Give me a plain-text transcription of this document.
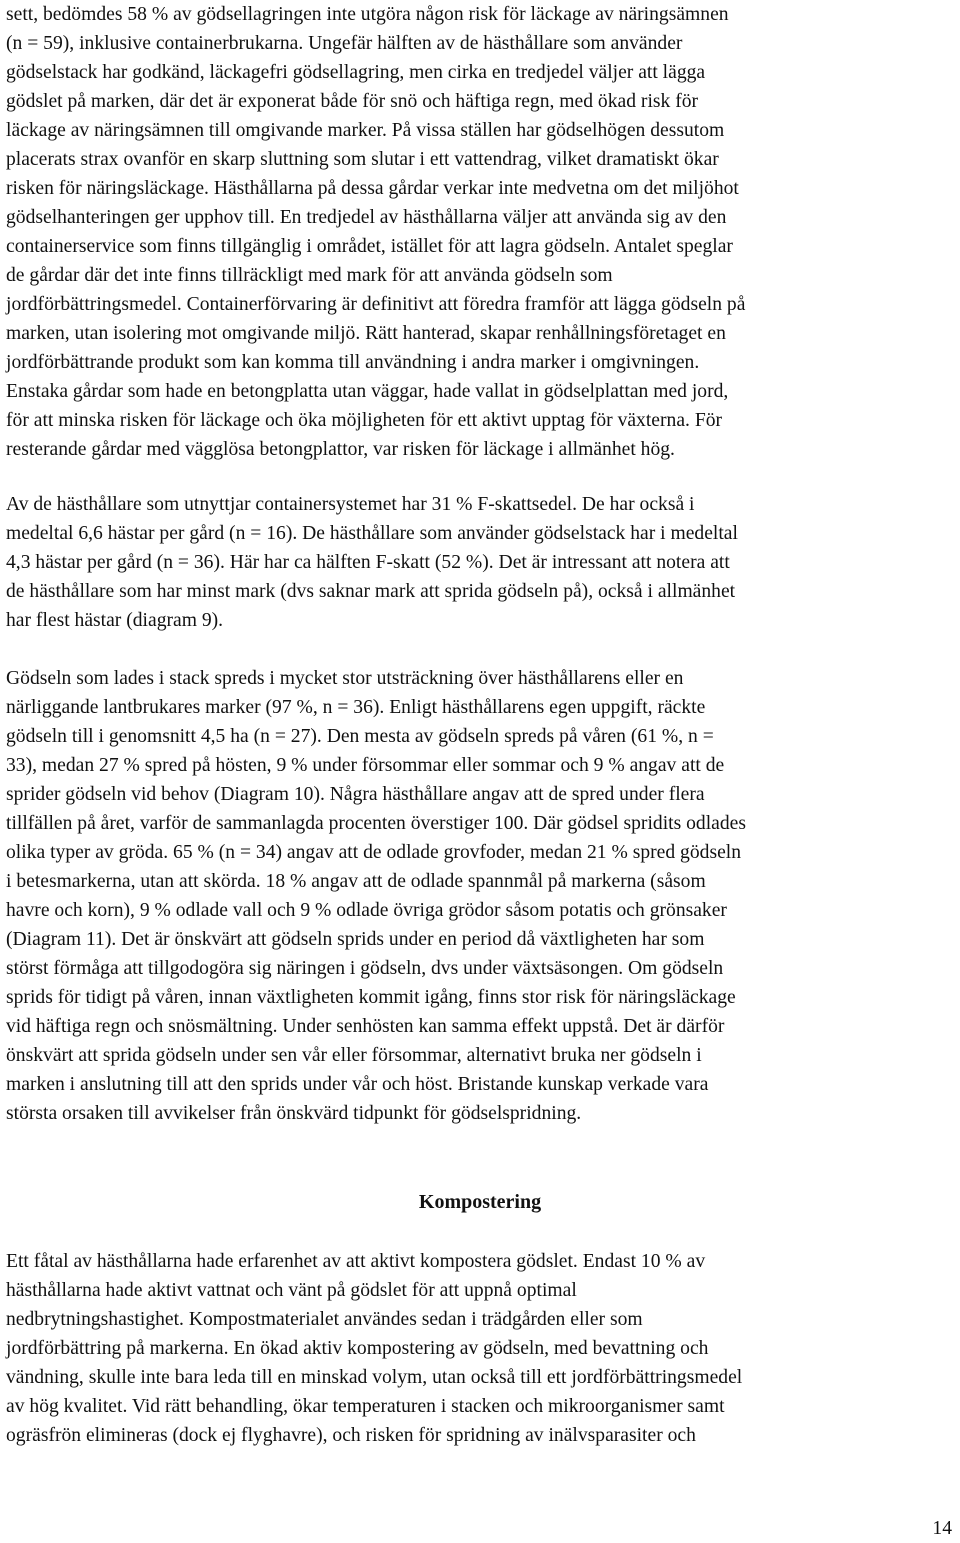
sett, bedömdes 58 % av gödsellagringen inte utgöra någon risk för läckage av näringsämnen
(n = 59), inklusive containerbrukarna. Ungefär hälften av de hästhållare som använder
gödselstack har godkänd, läckagefri gödsellagring, men cirka en tredjedel väljer att lägga
gödslet på marken, där det är exponerat både för snö och häftiga regn, med ökad risk för
läckage av näringsämnen till omgivande marker. På vissa ställen har gödselhögen dessutom
placerats strax ovanför en skarp sluttning som slutar i ett vattendrag, vilket dramatiskt ökar
risken för näringsläckage. Hästhållarna på dessa gårdar verkar inte medvetna om det miljöhot
gödselhanteringen ger upphov till. En tredjedel av hästhållarna väljer att använda sig av den
containerservice som finns tillgänglig i området, istället för att lagra gödseln. Antalet speglar
de gårdar där det inte finns tillräckligt med mark för att använda gödseln som
jordförbättringsmedel. Containerförvaring är definitivt att föredra framför att lägga gödseln på
marken, utan isolering mot omgivande miljö. Rätt hanterad, skapar renhållningsföretaget en
jordförbättrande produkt som kan komma till användning i andra marker i omgivningen.
Enstaka gårdar som hade en betongplatta utan väggar, hade vallat in gödselplattan med jord,
för att minska risken för läckage och öka möjligheten för ett aktivt upptag för växterna. För
resterande gårdar med vägglösa betongplattor, var risken för läckage i allmänhet hög.

Av de hästhållare som utnyttjar containersystemet har 31 % F-skattsedel. De har också i
medeltal 6,6 hästar per gård (n = 16). De hästhållare som använder gödselstack har i medeltal
4,3 hästar per gård (n = 36). Här har ca hälften F-skatt (52 %). Det är intressant att notera att
de hästhållare som har minst mark (dvs saknar mark att sprida gödseln på), också i allmänhet
har flest hästar (diagram 9).

Gödseln som lades i stack spreds i mycket stor utsträckning över hästhållarens eller en
närliggande lantbrukares marker (97 %, n = 36). Enligt hästhållarens egen uppgift, räckte
gödseln till i genomsnitt 4,5 ha (n = 27). Den mesta av gödseln spreds på våren (61 %, n =
33), medan 27 % spred på hösten, 9 % under försommar eller sommar och 9 % angav att de
sprider gödseln vid behov (Diagram 10). Några hästhållare angav att de spred under flera
tillfällen på året, varför de sammanlagda procenten överstiger 100. Där gödsel spridits odlades
olika typer av gröda. 65 % (n = 34) angav att de odlade grovfoder, medan 21 % spred gödseln
i betesmarkerna, utan att skörda. 18 % angav att de odlade spannmål på markerna (såsom
havre och korn), 9 % odlade vall och 9 % odlade övriga grödor såsom potatis och grönsaker
(Diagram 11). Det är önskvärt att gödseln sprids under en period då växtligheten har som
störst förmåga att tillgodogöra sig näringen i gödseln, dvs under växtsäsongen. Om gödseln
sprids för tidigt på våren, innan växtligheten kommit igång, finns stor risk för näringsläckage
vid häftiga regn och snösmältning. Under senhösten kan samma effekt uppstå. Det är därför
önskvärt att sprida gödseln under sen vår eller försommar, alternativt bruka ner gödseln i
marken i anslutning till att den sprids under vår och höst. Bristande kunskap verkade vara
största orsaken till avvikelser från önskvärd tidpunkt för gödselspridning.

Kompostering

Ett fåtal av hästhållarna hade erfarenhet av att aktivt kompostera gödslet. Endast 10 % av
hästhållarna hade aktivt vattnat och vänt på gödslet för att uppnå optimal
nedbrytningshastighet. Kompostmaterialet användes sedan i trädgården eller som
jordförbättring på markerna. En ökad aktiv kompostering av gödseln, med bevattning och
vändning, skulle inte bara leda till en minskad volym, utan också till ett jordförbättringsmedel
av hög kvalitet. Vid rätt behandling, ökar temperaturen i stacken och mikroorganismer samt
ogräsfrön elimineras (dock ej flyghavre), och risken för spridning av inälvsparasiter och

14
